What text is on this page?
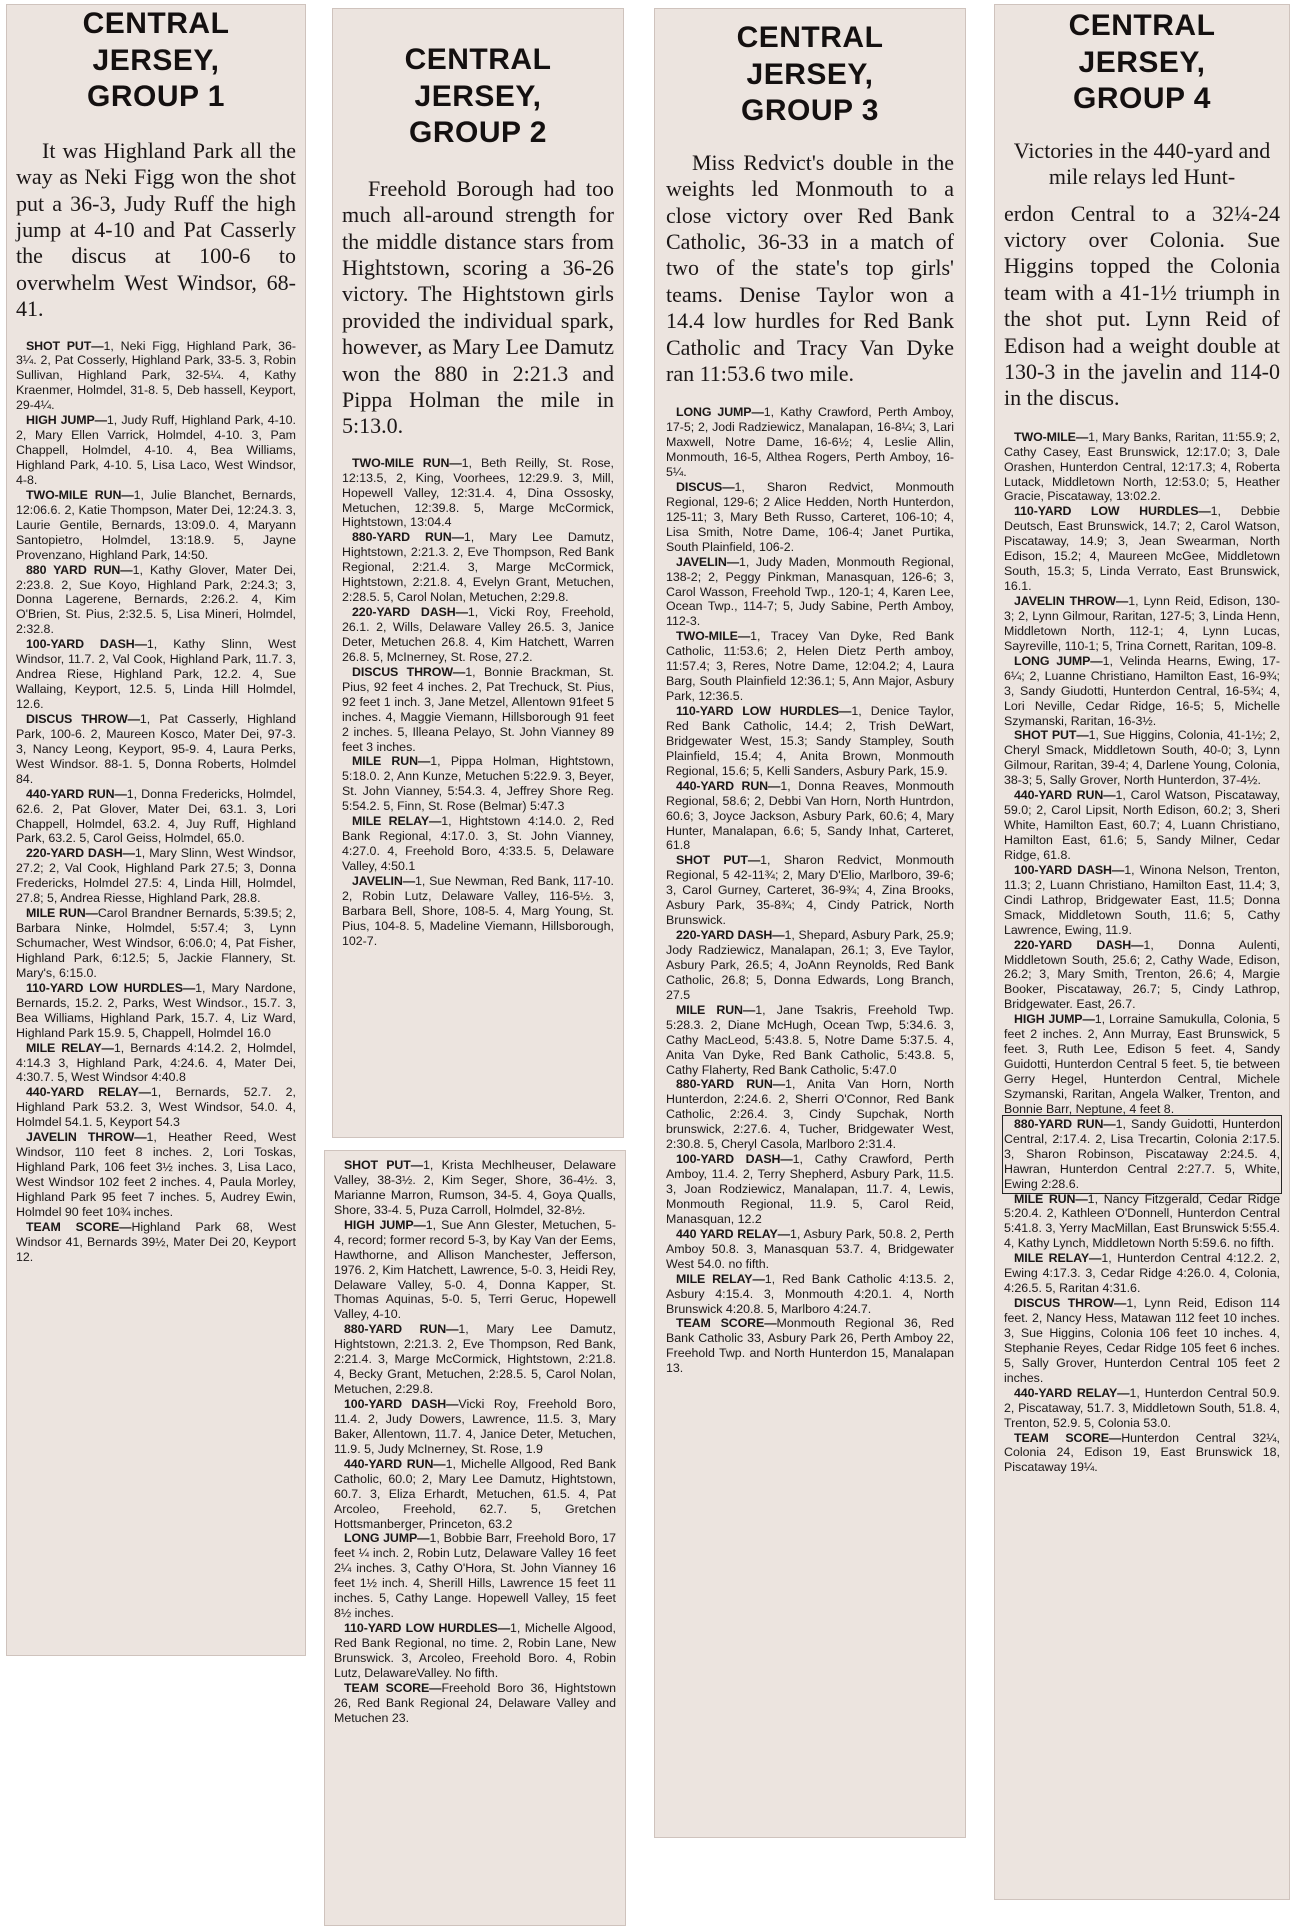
CENTRAL
JERSEY,
GROUP 1

It was Highland Park all the way as Neki Figg won the shot put a 36-3, Judy Ruff the high jump at 4-10 and Pat Casserly the discus at 100-6 to overwhelm West Windsor, 68-41.

SHOT PUT—1, Neki Figg, Highland Park, 36-3¼. 2, Pat Cosserly, Highland Park, 33-5. 3, Robin Sullivan, Highland Park, 32-5¼. 4, Kathy Kraenmer, Holmdel, 31-8. 5, Deb hassell, Keyport, 29-4¼.

HIGH JUMP—1, Judy Ruff, Highland Park, 4-10. 2, Mary Ellen Varrick, Holmdel, 4-10. 3, Pam Chappell, Holmdel, 4-10. 4, Bea Williams, Highland Park, 4-10. 5, Lisa Laco, West Windsor, 4-8.

TWO-MILE RUN—1, Julie Blanchet, Bernards, 12:06.6. 2, Katie Thompson, Mater Dei, 12:24.3. 3, Laurie Gentile, Bernards, 13:09.0. 4, Maryann Santopietro, Holmdel, 13:18.9. 5, Jayne Provenzano, Highland Park, 14:50.

880 YARD RUN—1, Kathy Glover, Mater Dei, 2:23.8. 2, Sue Koyo, Highland Park, 2:24.3; 3, Donna Lagerene, Bernards, 2:26.2. 4, Kim O'Brien, St. Pius, 2:32.5. 5, Lisa Mineri, Holmdel, 2:32.8.

100-YARD DASH—1, Kathy Slinn, West Windsor, 11.7. 2, Val Cook, Highland Park, 11.7. 3, Andrea Riese, Highland Park, 12.2. 4, Sue Wallaing, Keyport, 12.5. 5, Linda Hill Holmdel, 12.6.

DISCUS THROW—1, Pat Casserly, Highland Park, 100-6. 2, Maureen Kosco, Mater Dei, 97-3. 3, Nancy Leong, Keyport, 95-9. 4, Laura Perks, West Windsor. 88-1. 5, Donna Roberts, Holmdel 84.

440-YARD RUN—1, Donna Fredericks, Holmdel, 62.6. 2, Pat Glover, Mater Dei, 63.1. 3, Lori Chappell, Holmdel, 63.2. 4, Juy Ruff, Highland Park, 63.2. 5, Carol Geiss, Holmdel, 65.0.

220-YARD DASH—1, Mary Slinn, West Windsor, 27.2; 2, Val Cook, Highland Park 27.5; 3, Donna Fredericks, Holmdel 27.5: 4, Linda Hill, Holmdel, 27.8; 5, Andrea Riesse, Highland Park, 28.8.

MILE RUN—Carol Brandner Bernards, 5:39.5; 2, Barbara Ninke, Holmdel, 5:57.4; 3, Lynn Schumacher, West Windsor, 6:06.0; 4, Pat Fisher, Highland Park, 6:12.5; 5, Jackie Flannery, St. Mary's, 6:15.0.

110-YARD LOW HURDLES—1, Mary Nardone, Bernards, 15.2. 2, Parks, West Windsor., 15.7. 3, Bea Williams, Highland Park, 15.7. 4, Liz Ward, Highland Park 15.9. 5, Chappell, Holmdel 16.0

MILE RELAY—1, Bernards 4:14.2. 2, Holmdel, 4:14.3 3, Highland Park, 4:24.6. 4, Mater Dei, 4:30.7. 5, West Windsor 4:40.8

440-YARD RELAY—1, Bernards, 52.7. 2, Highland Park 53.2. 3, West Windsor, 54.0. 4, Holmdel 54.1. 5, Keyport 54.3

JAVELIN THROW—1, Heather Reed, West Windsor, 110 feet 8 inches. 2, Lori Toskas, Highland Park, 106 feet 3½ inches. 3, Lisa Laco, West Windsor 102 feet 2 inches. 4, Paula Morley, Highland Park 95 feet 7 inches. 5, Audrey Ewin, Holmdel 90 feet 10¾ inches.

TEAM SCORE—Highland Park 68, West Windsor 41, Bernards 39½, Mater Dei 20, Keyport 12.

CENTRAL
JERSEY,
GROUP 2

Freehold Borough had too much all-around strength for the middle distance stars from Hightstown, scoring a 36-26 victory. The Hightstown girls provided the individual spark, however, as Mary Lee Damutz won the 880 in 2:21.3 and Pippa Holman the mile in 5:13.0.

TWO-MILE RUN—1, Beth Reilly, St. Rose, 12:13.5, 2, King, Voorhees, 12:29.9. 3, Mill, Hopewell Valley, 12:31.4. 4, Dina Ossosky, Metuchen, 12:39.8. 5, Marge McCormick, Hightstown, 13:04.4

880-YARD RUN—1, Mary Lee Damutz, Hightstown, 2:21.3. 2, Eve Thompson, Red Bank Regional, 2:21.4. 3, Marge McCormick, Hightstown, 2:21.8. 4, Evelyn Grant, Metuchen, 2:28.5. 5, Carol Nolan, Metuchen, 2:29.8.

220-YARD DASH—1, Vicki Roy, Freehold, 26.1. 2, Wills, Delaware Valley 26.5. 3, Janice Deter, Metuchen 26.8. 4, Kim Hatchett, Warren 26.8. 5, McInerney, St. Rose, 27.2.

DISCUS THROW—1, Bonnie Brackman, St. Pius, 92 feet 4 inches. 2, Pat Trechuck, St. Pius, 92 feet 1 inch. 3, Jane Metzel, Allentown 91feet 5 inches. 4, Maggie Viemann, Hillsborough 91 feet 2 inches. 5, Illeana Pelayo, St. John Vianney 89 feet 3 inches.

MILE RUN—1, Pippa Holman, Hightstown, 5:18.0. 2, Ann Kunze, Metuchen 5:22.9. 3, Beyer, St. John Vianney, 5:54.3. 4, Jeffrey Shore Reg. 5:54.2. 5, Finn, St. Rose (Belmar) 5:47.3

MILE RELAY—1, Hightstown 4:14.0. 2, Red Bank Regional, 4:17.0. 3, St. John Vianney, 4:27.0. 4, Freehold Boro, 4:33.5. 5, Delaware Valley, 4:50.1

JAVELIN—1, Sue Newman, Red Bank, 117-10. 2, Robin Lutz, Delaware Valley, 116-5½. 3, Barbara Bell, Shore, 108-5. 4, Marg Young, St. Pius, 104-8. 5, Madeline Viemann, Hillsborough, 102-7.

SHOT PUT—1, Krista Mechlheuser, Delaware Valley, 38-3½. 2, Kim Seger, Shore, 36-4½. 3, Marianne Marron, Rumson, 34-5. 4, Goya Qualls, Shore, 33-4. 5, Puza Carroll, Holmdel, 32-8½.

HIGH JUMP—1, Sue Ann Glester, Metuchen, 5-4, record; former record 5-3, by Kay Van der Eems, Hawthorne, and Allison Manchester, Jefferson, 1976. 2, Kim Hatchett, Lawrence, 5-0. 3, Heidi Rey, Delaware Valley, 5-0. 4, Donna Kapper, St. Thomas Aquinas, 5-0. 5, Terri Geruc, Hopewell Valley, 4-10.

880-YARD RUN—1, Mary Lee Damutz, Hightstown, 2:21.3. 2, Eve Thompson, Red Bank, 2:21.4. 3, Marge McCormick, Hightstown, 2:21.8. 4, Becky Grant, Metuchen, 2:28.5. 5, Carol Nolan, Metuchen, 2:29.8.

100-YARD DASH—Vicki Roy, Freehold Boro, 11.4. 2, Judy Dowers, Lawrence, 11.5. 3, Mary Baker, Allentown, 11.7. 4, Janice Deter, Metuchen, 11.9. 5, Judy McInerney, St. Rose, 1.9

440-YARD RUN—1, Michelle Allgood, Red Bank Catholic, 60.0; 2, Mary Lee Damutz, Hightstown, 60.7. 3, Eliza Erhardt, Metuchen, 61.5. 4, Pat Arcoleo, Freehold, 62.7. 5, Gretchen Hottsmanberger, Princeton, 63.2

LONG JUMP—1, Bobbie Barr, Freehold Boro, 17 feet ¼ inch. 2, Robin Lutz, Delaware Valley 16 feet 2¼ inches. 3, Cathy O'Hora, St. John Vianney 16 feet 1½ inch. 4, Sherill Hills, Lawrence 15 feet 11 inches. 5, Cathy Lange. Hopewell Valley, 15 feet 8½ inches.

110-YARD LOW HURDLES—1, Michelle Algood, Red Bank Regional, no time. 2, Robin Lane, New Brunswick. 3, Arcoleo, Freehold Boro. 4, Robin Lutz, DelawareValley. No fifth.

TEAM SCORE—Freehold Boro 36, Hightstown 26, Red Bank Regional 24, Delaware Valley and Metuchen 23.

CENTRAL
JERSEY,
GROUP 3

Miss Redvict's double in the weights led Monmouth to a close victory over Red Bank Catholic, 36-33 in a match of two of the state's top girls' teams. Denise Taylor won a 14.4 low hurdles for Red Bank Catholic and Tracy Van Dyke ran 11:53.6 two mile.

LONG JUMP—1, Kathy Crawford, Perth Amboy, 17-5; 2, Jodi Radziewicz, Manalapan, 16-8¼; 3, Lari Maxwell, Notre Dame, 16-6½; 4, Leslie Allin, Monmouth, 16-5, Althea Rogers, Perth Amboy, 16-5¼.

DISCUS—1, Sharon Redvict, Monmouth Regional, 129-6; 2 Alice Hedden, North Hunterdon, 125-11; 3, Mary Beth Russo, Carteret, 106-10; 4, Lisa Smith, Notre Dame, 106-4; Janet Purtika, South Plainfield, 106-2.

JAVELIN—1, Judy Maden, Monmouth Regional, 138-2; 2, Peggy Pinkman, Manasquan, 126-6; 3, Carol Wasson, Freehold Twp., 120-1; 4, Karen Lee, Ocean Twp., 114-7; 5, Judy Sabine, Perth Amboy, 112-3.

TWO-MILE—1, Tracey Van Dyke, Red Bank Catholic, 11:53.6; 2, Helen Dietz Perth amboy, 11:57.4; 3, Reres, Notre Dame, 12:04.2; 4, Laura Barg, South Plainfield 12:36.1; 5, Ann Major, Asbury Park, 12:36.5.

110-YARD LOW HURDLES—1, Denice Taylor, Red Bank Catholic, 14.4; 2, Trish DeWart, Bridgewater West, 15.3; Sandy Stampley, South Plainfield, 15.4; 4, Anita Brown, Monmouth Regional, 15.6; 5, Kelli Sanders, Asbury Park, 15.9.

440-YARD RUN—1, Donna Reaves, Monmouth Regional, 58.6; 2, Debbi Van Horn, North Huntrdon, 60.6; 3, Joyce Jackson, Asbury Park, 60.6; 4, Mary Hunter, Manalapan, 6.6; 5, Sandy Inhat, Carteret, 61.8

SHOT PUT—1, Sharon Redvict, Monmouth Regional, 5 42-11¾; 2, Mary D'Elio, Marlboro, 39-6; 3, Carol Gurney, Carteret, 36-9¾; 4, Zina Brooks, Asbury Park, 35-8¾; 4, Cindy Patrick, North Brunswick.

220-YARD DASH—1, Shepard, Asbury Park, 25.9; Jody Radziewicz, Manalapan, 26.1; 3, Eve Taylor, Asbury Park, 26.5; 4, JoAnn Reynolds, Red Bank Catholic, 26.8; 5, Donna Edwards, Long Branch, 27.5

MILE RUN—1, Jane Tsakris, Freehold Twp. 5:28.3. 2, Diane McHugh, Ocean Twp, 5:34.6. 3, Cathy MacLeod, 5:43.8. 5, Notre Dame 5:37.5. 4, Anita Van Dyke, Red Bank Catholic, 5:43.8. 5, Cathy Flaherty, Red Bank Catholic, 5:47.0

880-YARD RUN—1, Anita Van Horn, North Hunterdon, 2:24.6. 2, Sherri O'Connor, Red Bank Catholic, 2:26.4. 3, Cindy Supchak, North brunswick, 2:27.6. 4, Tucher, Bridgewater West, 2:30.8. 5, Cheryl Casola, Marlboro 2:31.4.

100-YARD DASH—1, Cathy Crawford, Perth Amboy, 11.4. 2, Terry Shepherd, Asbury Park, 11.5. 3, Joan Rodziewicz, Manalapan, 11.7. 4, Lewis, Monmouth Regional, 11.9. 5, Carol Reid, Manasquan, 12.2

440 YARD RELAY—1, Asbury Park, 50.8. 2, Perth Amboy 50.8. 3, Manasquan 53.7. 4, Bridgewater West 54.0. no fifth.

MILE RELAY—1, Red Bank Catholic 4:13.5. 2, Asbury 4:15.4. 3, Monmouth 4:20.1. 4, North Brunswick 4:20.8. 5, Marlboro 4:24.7.

TEAM SCORE—Monmouth Regional 36, Red Bank Catholic 33, Asbury Park 26, Perth Amboy 22, Freehold Twp. and North Hunterdon 15, Manalapan 13.

CENTRAL
JERSEY,
GROUP 4

Victories in the 440-yard and mile relays led Hunt-

erdon Central to a 32¼-24 victory over Colonia. Sue Higgins topped the Colonia team with a 41-1½ triumph in the shot put. Lynn Reid of Edison had a weight double at 130-3 in the javelin and 114-0 in the discus.

TWO-MILE—1, Mary Banks, Raritan, 11:55.9; 2, Cathy Casey, East Brunswick, 12:17.0; 3, Dale Orashen, Hunterdon Central, 12:17.3; 4, Roberta Lutack, Middletown North, 12:53.0; 5, Heather Gracie, Piscataway, 13:02.2.

110-YARD LOW HURDLES—1, Debbie Deutsch, East Brunswick, 14.7; 2, Carol Watson, Piscataway, 14.9; 3, Jean Swearman, North Edison, 15.2; 4, Maureen McGee, Middletown South, 15.3; 5, Linda Verrato, East Brunswick, 16.1.

JAVELIN THROW—1, Lynn Reid, Edison, 130-3; 2, Lynn Gilmour, Raritan, 127-5; 3, Linda Henn, Middletown North, 112-1; 4, Lynn Lucas, Sayreville, 110-1; 5, Trina Cornett, Raritan, 109-8.

LONG JUMP—1, Velinda Hearns, Ewing, 17-6¼; 2, Luanne Christiano, Hamilton East, 16-9¾; 3, Sandy Giudotti, Hunterdon Central, 16-5¾; 4, Lori Neville, Cedar Ridge, 16-5; 5, Michelle Szymanski, Raritan, 16-3½.

SHOT PUT—1, Sue Higgins, Colonia, 41-1½; 2, Cheryl Smack, Middletown South, 40-0; 3, Lynn Gilmour, Raritan, 39-4; 4, Darlene Young, Colonia, 38-3; 5, Sally Grover, North Hunterdon, 37-4½.

440-YARD RUN—1, Carol Watson, Piscataway, 59.0; 2, Carol Lipsit, North Edison, 60.2; 3, Sheri White, Hamilton East, 60.7; 4, Luann Christiano, Hamilton East, 61.6; 5, Sandy Milner, Cedar Ridge, 61.8.

100-YARD DASH—1, Winona Nelson, Trenton, 11.3; 2, Luann Christiano, Hamilton East, 11.4; 3, Cindi Lathrop, Bridgewater East, 11.5; Donna Smack, Middletown South, 11.6; 5, Cathy Lawrence, Ewing, 11.9.

220-YARD DASH—1, Donna Aulenti, Middletown South, 25.6; 2, Cathy Wade, Edison, 26.2; 3, Mary Smith, Trenton, 26.6; 4, Margie Booker, Piscataway, 26.7; 5, Cindy Lathrop, Bridgewater. East, 26.7.

HIGH JUMP—1, Lorraine Samukulla, Colonia, 5 feet 2 inches. 2, Ann Murray, East Brunswick, 5 feet. 3, Ruth Lee, Edison 5 feet. 4, Sandy Guidotti, Hunterdon Central 5 feet. 5, tie between Gerry Hegel, Hunterdon Central, Michele Szymanski, Raritan, Angela Walker, Trenton, and Bonnie Barr, Neptune, 4 feet 8.

880-YARD RUN—1, Sandy Guidotti, Hunterdon Central, 2:17.4. 2, Lisa Trecartin, Colonia 2:17.5. 3, Sharon Robinson, Piscataway 2:24.5. 4, Hawran, Hunterdon Central 2:27.7. 5, White, Ewing 2:28.6.

MILE RUN—1, Nancy Fitzgerald, Cedar Ridge 5:20.4. 2, Kathleen O'Donnell, Hunterdon Central 5:41.8. 3, Yerry MacMillan, East Brunswick 5:55.4. 4, Kathy Lynch, Middletown North 5:59.6. no fifth.

MILE RELAY—1, Hunterdon Central 4:12.2. 2, Ewing 4:17.3. 3, Cedar Ridge 4:26.0. 4, Colonia, 4:26.5. 5, Raritan 4:31.6.

DISCUS THROW—1, Lynn Reid, Edison 114 feet. 2, Nancy Hess, Matawan 112 feet 10 inches. 3, Sue Higgins, Colonia 106 feet 10 inches. 4, Stephanie Reyes, Cedar Ridge 105 feet 6 inches. 5, Sally Grover, Hunterdon Central 105 feet 2 inches.

440-YARD RELAY—1, Hunterdon Central 50.9. 2, Piscataway, 51.7. 3, Middletown South, 51.8. 4, Trenton, 52.9. 5, Colonia 53.0.

TEAM SCORE—Hunterdon Central 32¼, Colonia 24, Edison 19, East Brunswick 18, Piscataway 19¼.
